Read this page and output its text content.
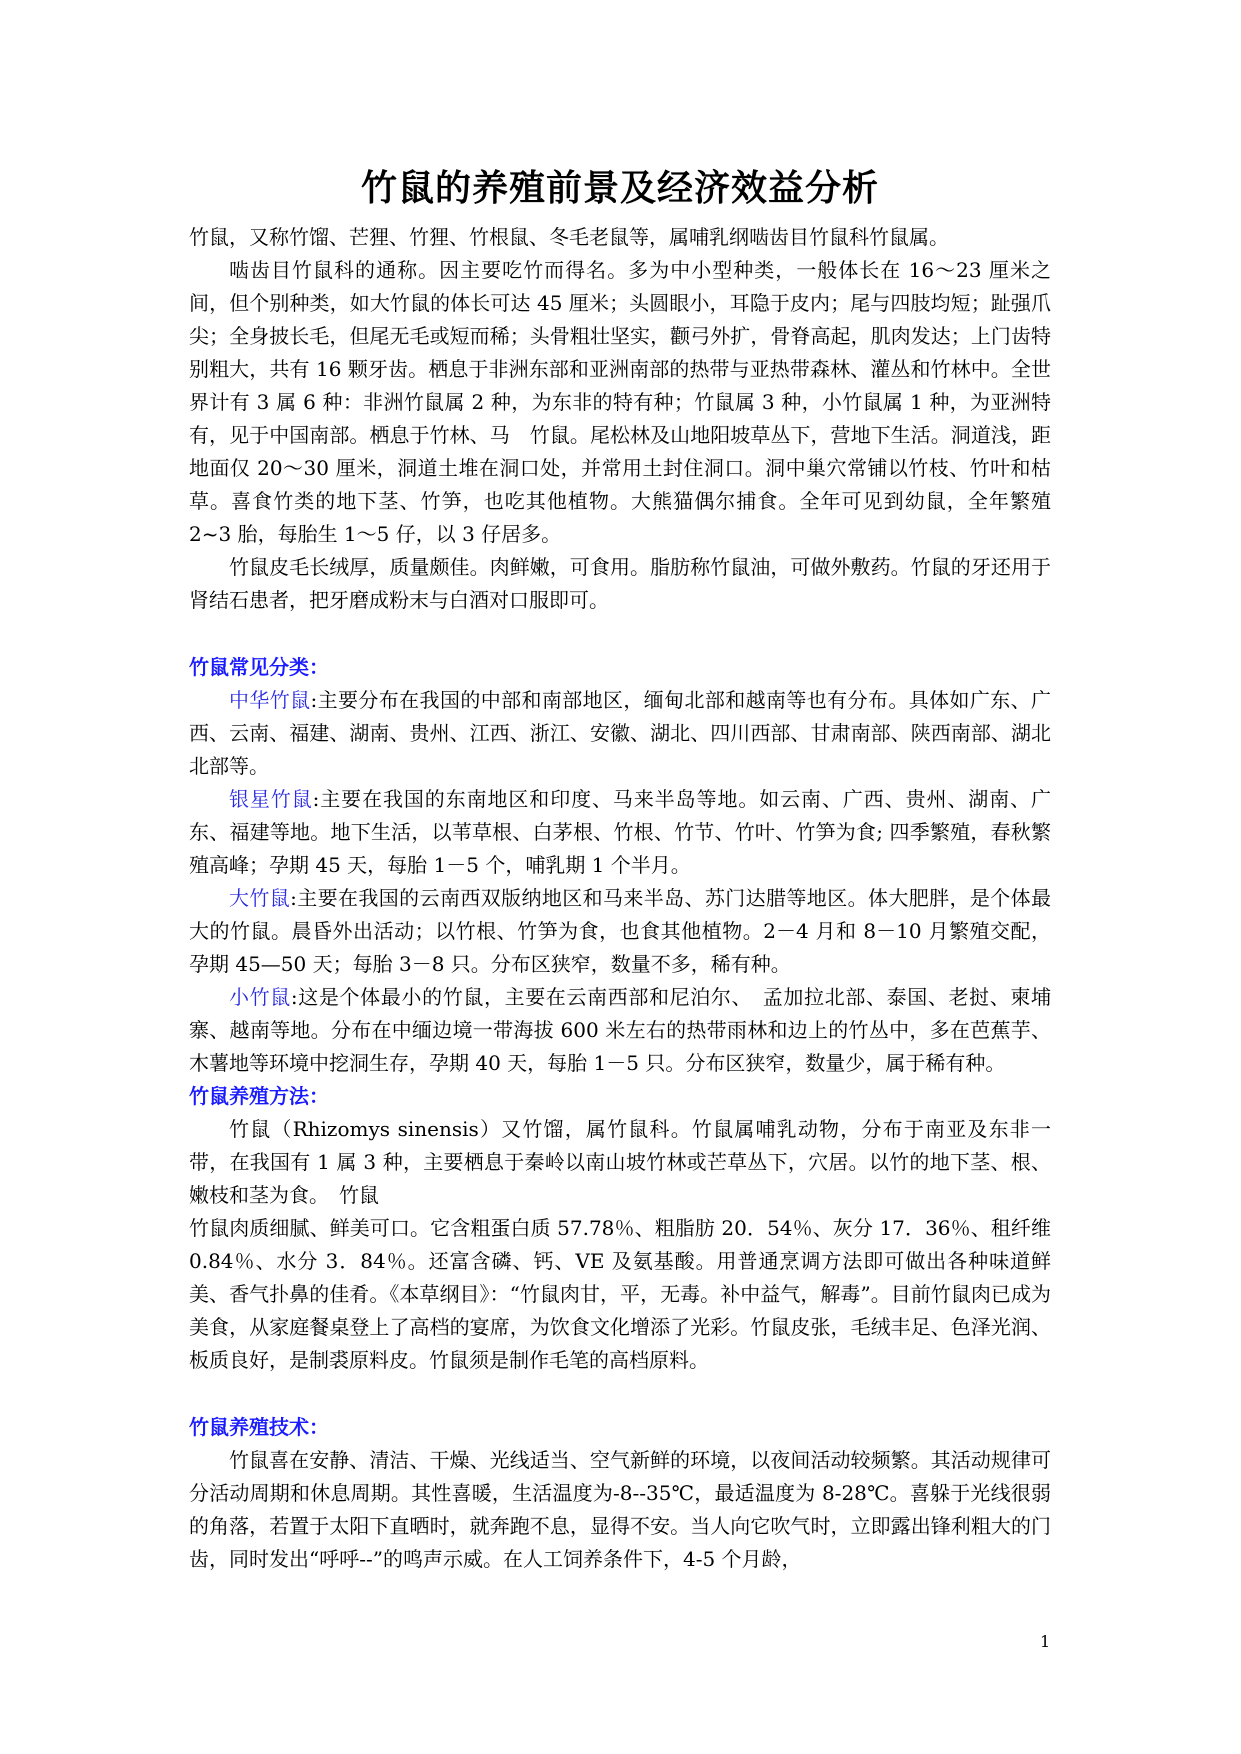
竹鼠的养殖前景及经济效益分析

竹鼠，又称竹馏、芒狸、竹狸、竹根鼠、冬毛老鼠等，属哺乳纲啮齿目竹鼠科竹鼠属。

啮齿目竹鼠科的通称。因主要吃竹而得名。多为中小型种类，一般体长在 16～23 厘米之间，但个别种类，如大竹鼠的体长可达 45 厘米；头圆眼小，耳隐于皮内；尾与四肢均短；趾强爪尖；全身披长毛，但尾无毛或短而稀；头骨粗壮坚实，颧弓外扩，骨脊高起，肌肉发达；上门齿特别粗大，共有 16 颗牙齿。栖息于非洲东部和亚洲南部的热带与亚热带森林、灌丛和竹林中。全世界计有 3 属 6 种：非洲竹鼠属 2 种，为东非的特有种；竹鼠属 3 种，小竹鼠属 1 种，为亚洲特有，见于中国南部。栖息于竹林、马　竹鼠。尾松林及山地阳坡草丛下，营地下生活。洞道浅，距地面仅 20～30 厘米，洞道土堆在洞口处，并常用土封住洞口。洞中巢穴常铺以竹枝、竹叶和枯草。喜食竹类的地下茎、竹笋，也吃其他植物。大熊猫偶尔捕食。全年可见到幼鼠，全年繁殖 2~3 胎，每胎生 1～5 仔，以 3 仔居多。

竹鼠皮毛长绒厚，质量颇佳。肉鲜嫩，可食用。脂肪称竹鼠油，可做外敷药。竹鼠的牙还用于肾结石患者，把牙磨成粉末与白酒对口服即可。

竹鼠常见分类：

中华竹鼠:主要分布在我国的中部和南部地区，缅甸北部和越南等也有分布。具体如广东、广西、云南、福建、湖南、贵州、江西、浙江、安徽、湖北、四川西部、甘肃南部、陕西南部、湖北北部等。

银星竹鼠:主要在我国的东南地区和印度、马来半岛等地。如云南、广西、贵州、湖南、广东、福建等地。地下生活，以苇草根、白茅根、竹根、竹节、竹叶、竹笋为食; 四季繁殖，春秋繁殖高峰；孕期 45 天，每胎 1－5 个，哺乳期 1 个半月。

大竹鼠:主要在我国的云南西双版纳地区和马来半岛、苏门达腊等地区。体大肥胖，是个体最大的竹鼠。晨昏外出活动；以竹根、竹笋为食，也食其他植物。2－4 月和 8－10 月繁殖交配，孕期 45—50 天；每胎 3－8 只。分布区狭窄，数量不多，稀有种。

小竹鼠:这是个体最小的竹鼠，主要在云南西部和尼泊尔、　孟加拉北部、泰国、老挝、柬埔寨、越南等地。分布在中缅边境一带海拔 600 米左右的热带雨林和边上的竹丛中，多在芭蕉芋、木薯地等环境中挖洞生存，孕期 40 天，每胎 1－5 只。分布区狭窄，数量少，属于稀有种。

竹鼠养殖方法：

竹鼠（Rhizomys sinensis）又竹馏，属竹鼠科。竹鼠属哺乳动物，分布于南亚及东非一带，在我国有 1 属 3 种，主要栖息于秦岭以南山坡竹林或芒草丛下，穴居。以竹的地下茎、根、嫩枝和茎为食。　竹鼠

竹鼠肉质细腻、鲜美可口。它含粗蛋白质 57.78％、粗脂肪 20．54％、灰分 17．36％、租纤维 0.84％、水分 3．84％。还富含磷、钙、VE 及氨基酸。用普通烹调方法即可做出各种味道鲜美、香气扑鼻的佳肴。《本草纲目》：“竹鼠肉甘，平，无毒。补中益气，解毒”。目前竹鼠肉已成为美食，从家庭餐桌登上了高档的宴席，为饮食文化增添了光彩。竹鼠皮张，毛绒丰足、色泽光润、板质良好，是制裘原料皮。竹鼠须是制作毛笔的高档原料。

竹鼠养殖技术：

竹鼠喜在安静、清洁、干燥、光线适当、空气新鲜的环境，以夜间活动较频繁。其活动规律可分活动周期和休息周期。其性喜暖，生活温度为-8--35℃，最适温度为 8-28℃。喜躲于光线很弱的角落，若置于太阳下直晒时，就奔跑不息，显得不安。当人向它吹气时，立即露出锋利粗大的门齿，同时发出“呼呼--”的鸣声示威。在人工饲养条件下，4-5 个月龄，

1
